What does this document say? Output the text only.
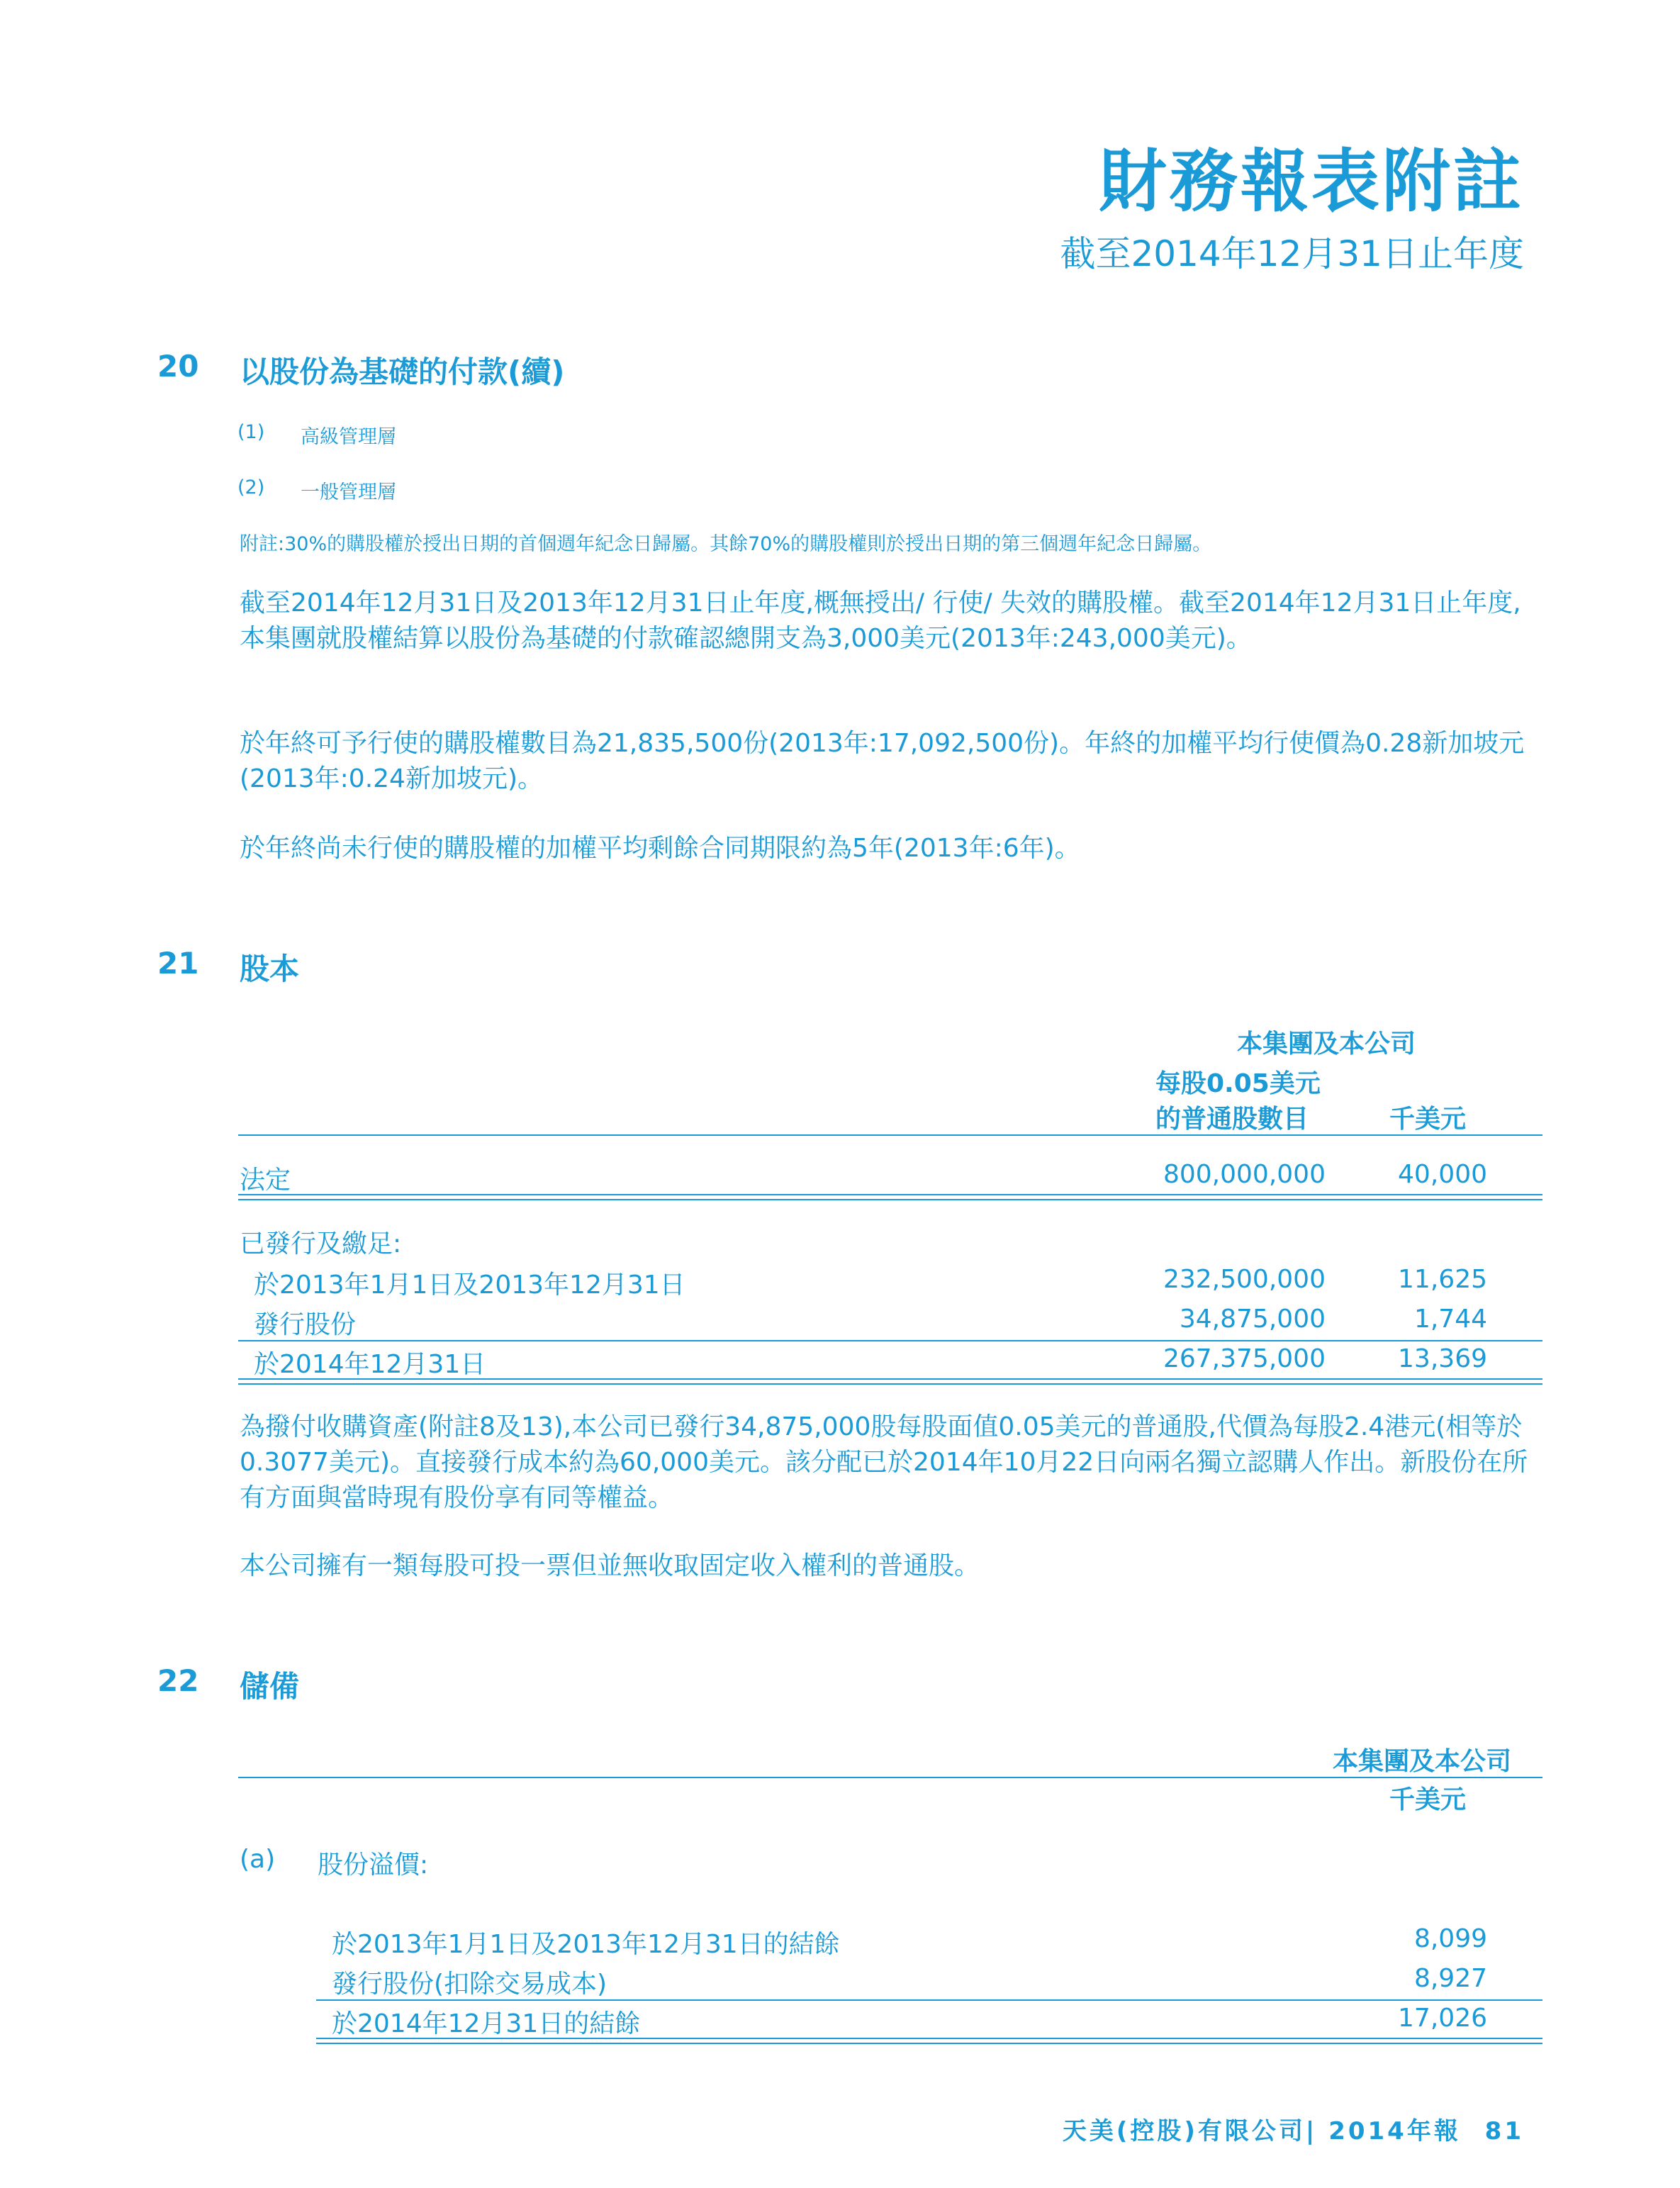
財務報表附註
截至2014年12月31日止年度
20 以股份為基礎的付款(續)
(1) 高級管理層
(2) 一般管理層
附註:30%的購股權於授出日期的首個週年紀念日歸屬。其餘70%的購股權則於授出日期的第三個週年紀念日歸屬。

截至2014年12月31日及2013年12月31日止年度,概無授出/ 行使/ 失效的購股權。截至2014年12月31日止年度,本集團就股權結算以股份為基礎的付款確認總開支為3,000美元(2013年:243,000美元)。

於年終可予行使的購股權數目為21,835,500份(2013年:17,092,500份)。年終的加權平均行使價為0.28新加坡元(2013年:0.24新加坡元)。

於年終尚未行使的購股權的加權平均剩餘合同期限約為5年(2013年:6年)。

21 股本
本集團及本公司
每股0.05美元
的普通股數目	千美元
法定	800,000,000	40,000
已發行及繳足:
於2013年1月1日及2013年12月31日	232,500,000	11,625
發行股份	34,875,000	1,744
於2014年12月31日	267,375,000	13,369

為撥付收購資產(附註8及13),本公司已發行34,875,000股每股面值0.05美元的普通股,代價為每股2.4港元(相等於0.3077美元)。直接發行成本約為60,000美元。該分配已於2014年10月22日向兩名獨立認購人作出。新股份在所有方面與當時現有股份享有同等權益。

本公司擁有一類每股可投一票但並無收取固定收入權利的普通股。

22 儲備
本集團及本公司
千美元
(a) 股份溢價:
於2013年1月1日及2013年12月31日的結餘	8,099
發行股份(扣除交易成本)	8,927
於2014年12月31日的結餘	17,026
天美(控股)有限公司| 2014年報 81
